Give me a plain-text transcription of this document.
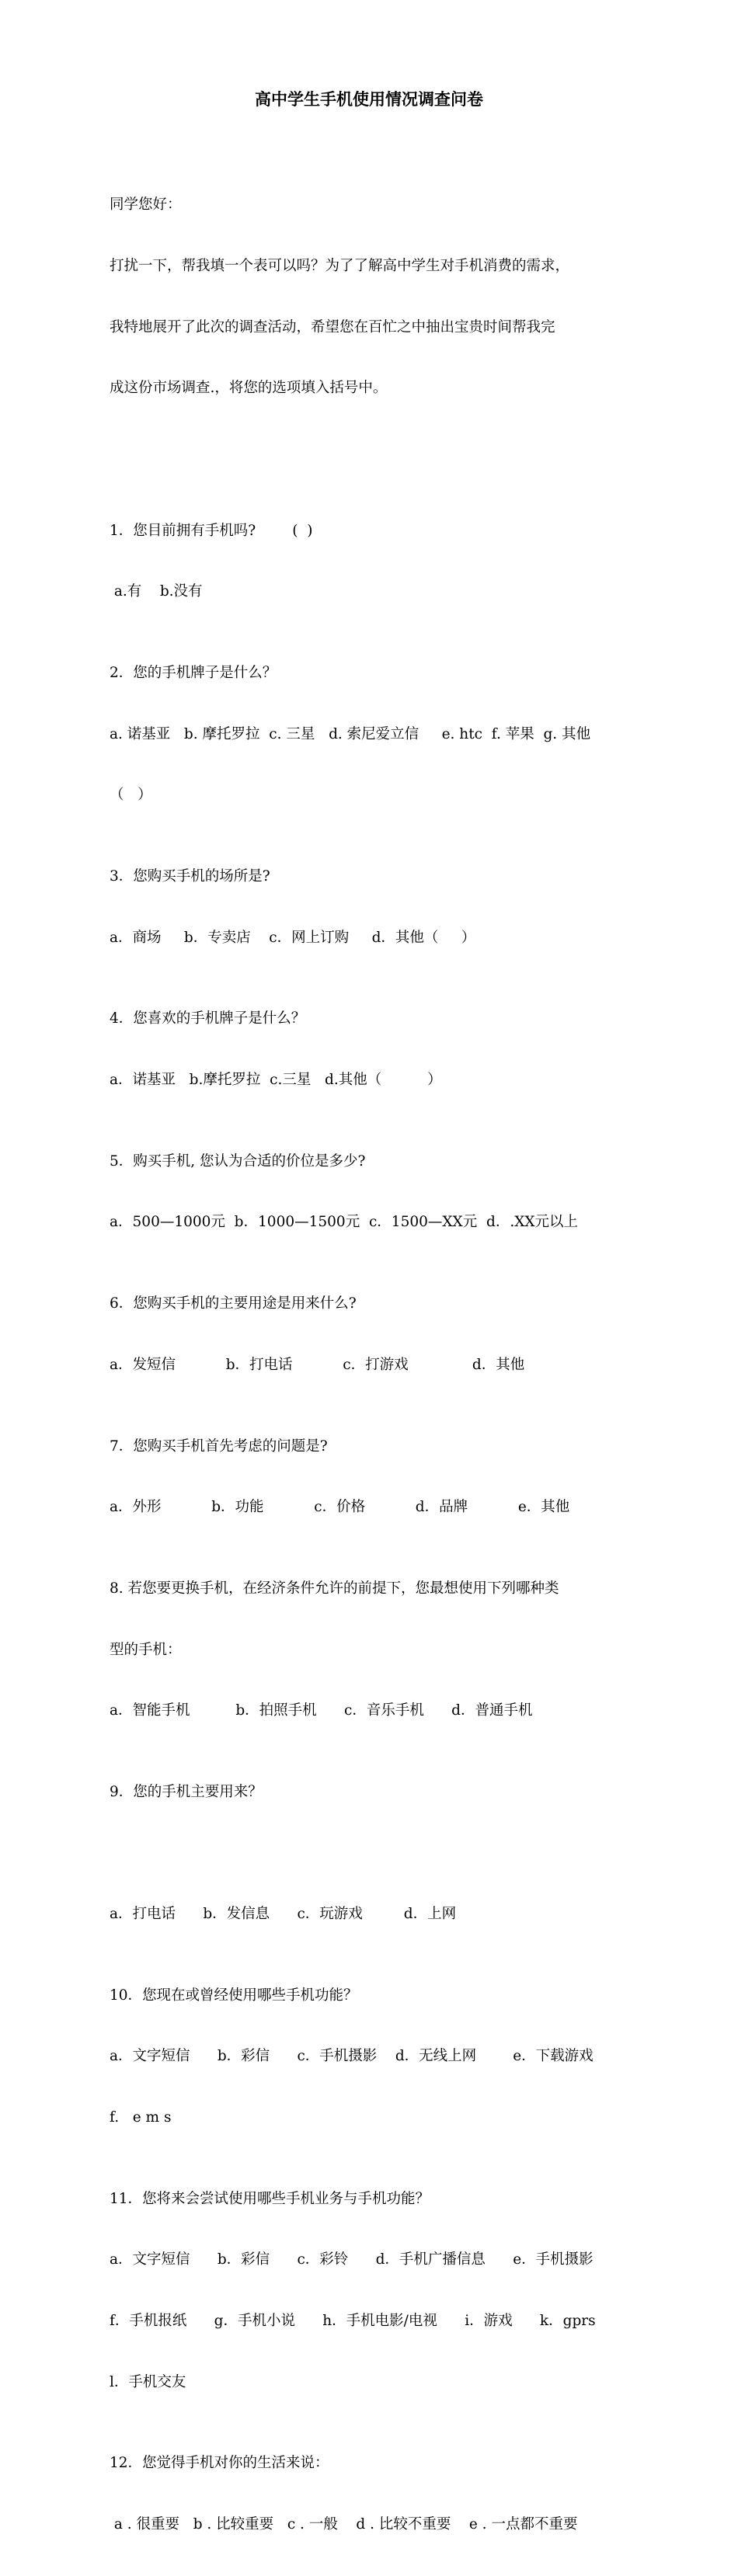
高中学生手机使用情况调查问卷

同学您好：

打扰一下，帮我填一个表可以吗？为了了解高中学生对手机消费的需求，

我特地展开了此次的调查活动，希望您在百忙之中抽出宝贵时间帮我完

成这份市场调查.，将您的选项填入括号中。

1．您目前拥有手机吗?        (  )

a.有    b.没有

2．您的手机牌子是什么？

a. 诺基亚   b. 摩托罗拉  c. 三星   d. 索尼爱立信     e. htc  f. 苹果  g. 其他

（   ）

3．您购买手机的场所是?

a．商场     b．专卖店    c．网上订购     d．其他（     ）

4．您喜欢的手机牌子是什么？

a．诺基亚   b.摩托罗拉  c.三星   d.其他（          ）

5．购买手机, 您认为合适的价位是多少?

a．500—1000元  b．1000—1500元  c．1500—XX元  d．.XX元以上

6．您购买手机的主要用途是用来什么?

a．发短信           b．打电话           c．打游戏              d．其他

7．您购买手机首先考虑的问题是?

a．外形           b．功能           c．价格           d．品牌           e．其他

8. 若您要更换手机，在经济条件允许的前提下，您最想使用下列哪种类

型的手机：

a．智能手机          b．拍照手机      c．音乐手机      d．普通手机

9．您的手机主要用来？

a．打电话      b．发信息      c．玩游戏         d．上网

10．您现在或曾经使用哪些手机功能？

a．文字短信      b．彩信      c．手机摄影    d．无线上网        e．下载游戏

f.   e m s

11．您将来会尝试使用哪些手机业务与手机功能？

a．文字短信      b．彩信      c．彩铃      d．手机广播信息      e．手机摄影

f．手机报纸      g．手机小说      h．手机电影/电视      i．游戏      k．gprs

l．手机交友

12．您觉得手机对你的生活来说：

a . 很重要   b . 比较重要   c . 一般    d . 比较不重要    e . 一点都不重要
